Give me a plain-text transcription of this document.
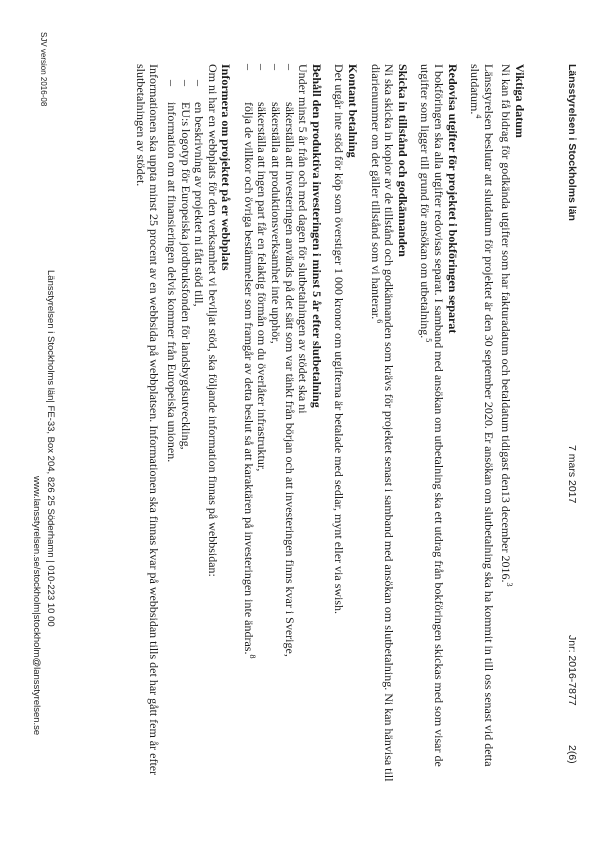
Länsstyrelsen i Stockholms län
7 mars 2017
Jnr: 2016-7877
2(6)
Viktiga datum

Ni kan få bidrag för godkända utgifter som har fakturadatum och betaldatum tidigast den13 december 2016.$^3$

Länsstyrelsen beslutar att slutdatum för projektet är den 30 september 2020. Er ansökan om slutbetalning ska ha kommit in till oss senast vid detta slutdatum.$^4$

Redovisa utgifter för projektet i bokföringen separat

I bokföringen ska alla utgifter redovisas separat. I samband med ansökan om utbetalning ska ett utdrag från bokföringen skickas med som visar de utgifter som ligger till grund för ansökan om utbetalning.$^5$

Skicka in tillstånd och godkännanden

Ni ska skicka in kopior av de tillstånd och godkännanden som krävs för projektet senast i samband med ansökan om slutbetalning. Ni kan hänvisa till diarienummer om det gäller tillstånd som vi hanterar.$^6$

Kontant betalning

Det utgår inte stöd för köp som överstiger 1 000 kronor om utgifterna är betalade med sedlar, mynt eller via swish.

Behåll den produktiva investeringen i minst 5 år efter slutbetalning

Under minst 5 år från och med dagen för slutbetalningen av stödet ska ni

– säkerställa att investeringen används på det sätt som var tänkt från början och att investeringen finns kvar i Sverige,
– säkerställa att produktionsverksamhet inte upphör,
– säkerställa att ingen part får en felaktig förmån om du överlåter infrastruktur,
– följa de villkor och övriga bestämmelser som framgår av detta beslut så att karaktären på investeringen inte ändras.$^8$
Informera om projektet på er webbplats

Om ni har en webbplats för den verksamhet vi beviljat stöd, ska följande information finnas på webbsidan:

– en beskrivning av projektet ni fått stöd till,
– EU:s logotyp för Europeiska jordbruksfonden för landsbygdsutveckling,
– information om att finansieringen delvis kommer från Europeiska unionen.

Informationen ska uppta minst 25 procent av en webbsida på webbplatsen. Informationen ska finnas kvar på webbsidan tills det har gått fem år efter slutbetalningen av stödet.

SJV version 2016-08
Länsstyrelsen i Stockholms län| FE-33, Box 204, 826 25 Söderhamn | 010-223 10 00
www.lansstyrelsen.se/stockholm|stockholm@lansstyrelsen.se
